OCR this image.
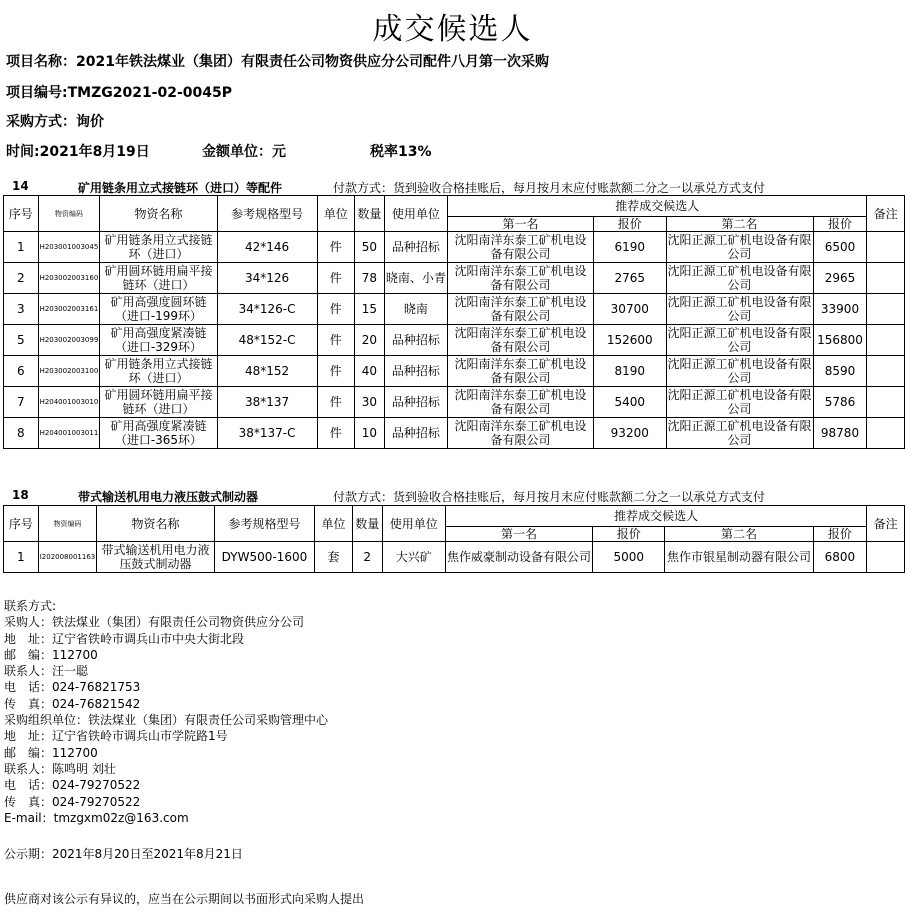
成交候选人
项目名称：2021年铁法煤业（集团）有限责任公司物资供应分公司配件八月第一次采购
项目编号:TMZG2021-02-0045P
采购方式：询价
时间:2021年8月19日	金额单位：元	税率13%
14	矿用链条用立式接链环（进口）等配件	付款方式：货到验收合格挂账后，每月按月末应付账款额二分之一以承兑方式支付
序号	物资编码	物资名称	参考规格型号	单位	数量	使用单位	推荐成交候选人				备注
							第一名	报价	第二名	报价	
1	H203001003045	矿用链条用立式接链环（进口）	42*146	件	50	品种招标	沈阳南洋东泰工矿机电设备有限公司	6190	沈阳正源工矿机电设备有限公司	6500	
2	H203002003160	矿用圆环链用扁平接链环（进口）	34*126	件	78	晓南、小青	沈阳南洋东泰工矿机电设备有限公司	2765	沈阳正源工矿机电设备有限公司	2965	
3	H203002003161	矿用高强度圆环链（进口-199环）	34*126-C	件	15	晓南	沈阳南洋东泰工矿机电设备有限公司	30700	沈阳正源工矿机电设备有限公司	33900	
5	H203002003099	矿用高强度紧凑链（进口-329环）	48*152-C	件	20	品种招标	沈阳南洋东泰工矿机电设备有限公司	152600	沈阳正源工矿机电设备有限公司	156800	
6	H203002003100	矿用链条用立式接链环（进口）	48*152	件	40	品种招标	沈阳南洋东泰工矿机电设备有限公司	8190	沈阳正源工矿机电设备有限公司	8590	
7	H204001003010	矿用圆环链用扁平接链环（进口）	38*137	件	30	品种招标	沈阳南洋东泰工矿机电设备有限公司	5400	沈阳正源工矿机电设备有限公司	5786	
8	H204001003011	矿用高强度紧凑链（进口-365环）	38*137-C	件	10	品种招标	沈阳南洋东泰工矿机电设备有限公司	93200	沈阳正源工矿机电设备有限公司	98780	
18	带式输送机用电力液压鼓式制动器	付款方式：货到验收合格挂账后，每月按月末应付账款额二分之一以承兑方式支付
序号	物资编码	物资名称	参考规格型号	单位	数量	使用单位	推荐成交候选人				备注
							第一名	报价	第二名	报价	
1	I202008001163	带式输送机用电力液压鼓式制动器	DYW500-1600	套	2	大兴矿	焦作威豪制动设备有限公司	5000	焦作市银星制动器有限公司	6800	
联系方式:
采购人：铁法煤业（集团）有限责任公司物资供应分公司
地　址：辽宁省铁岭市调兵山市中央大街北段
邮　编：112700
联系人：汪一聪
电　话：024-76821753
传　真：024-76821542
采购组织单位：铁法煤业（集团）有限责任公司采购管理中心
地　址：辽宁省铁岭市调兵山市学院路1号
邮　编：112700
联系人：陈鸣明 刘壮
电　话：024-79270522
传　真：024-79270522
E-mail：tmzgxm02z@163.com
公示期：2021年8月20日至2021年8月21日
供应商对该公示有异议的，应当在公示期间以书面形式向采购人提出
